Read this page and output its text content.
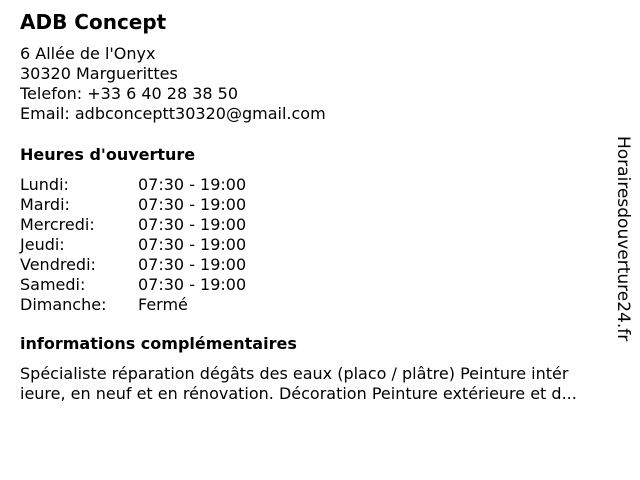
ADB Concept
6 Allée de l'Onyx
30320 Marguerittes
Telefon: +33 6 40 28 38 50
Email: adbconceptt30320@gmail.com
Heures d'ouverture
Lundi:	07:30 - 19:00
Mardi:	07:30 - 19:00
Mercredi:	07:30 - 19:00
Jeudi:	07:30 - 19:00
Vendredi:	07:30 - 19:00
Samedi:	07:30 - 19:00
Dimanche:	Fermé
informations complémentaires
Spécialiste réparation dégâts des eaux (placo / plâtre) Peinture intér
ieure, en neuf et en rénovation. Décoration Peinture extérieure et d...
Horairesdouverture24.fr
